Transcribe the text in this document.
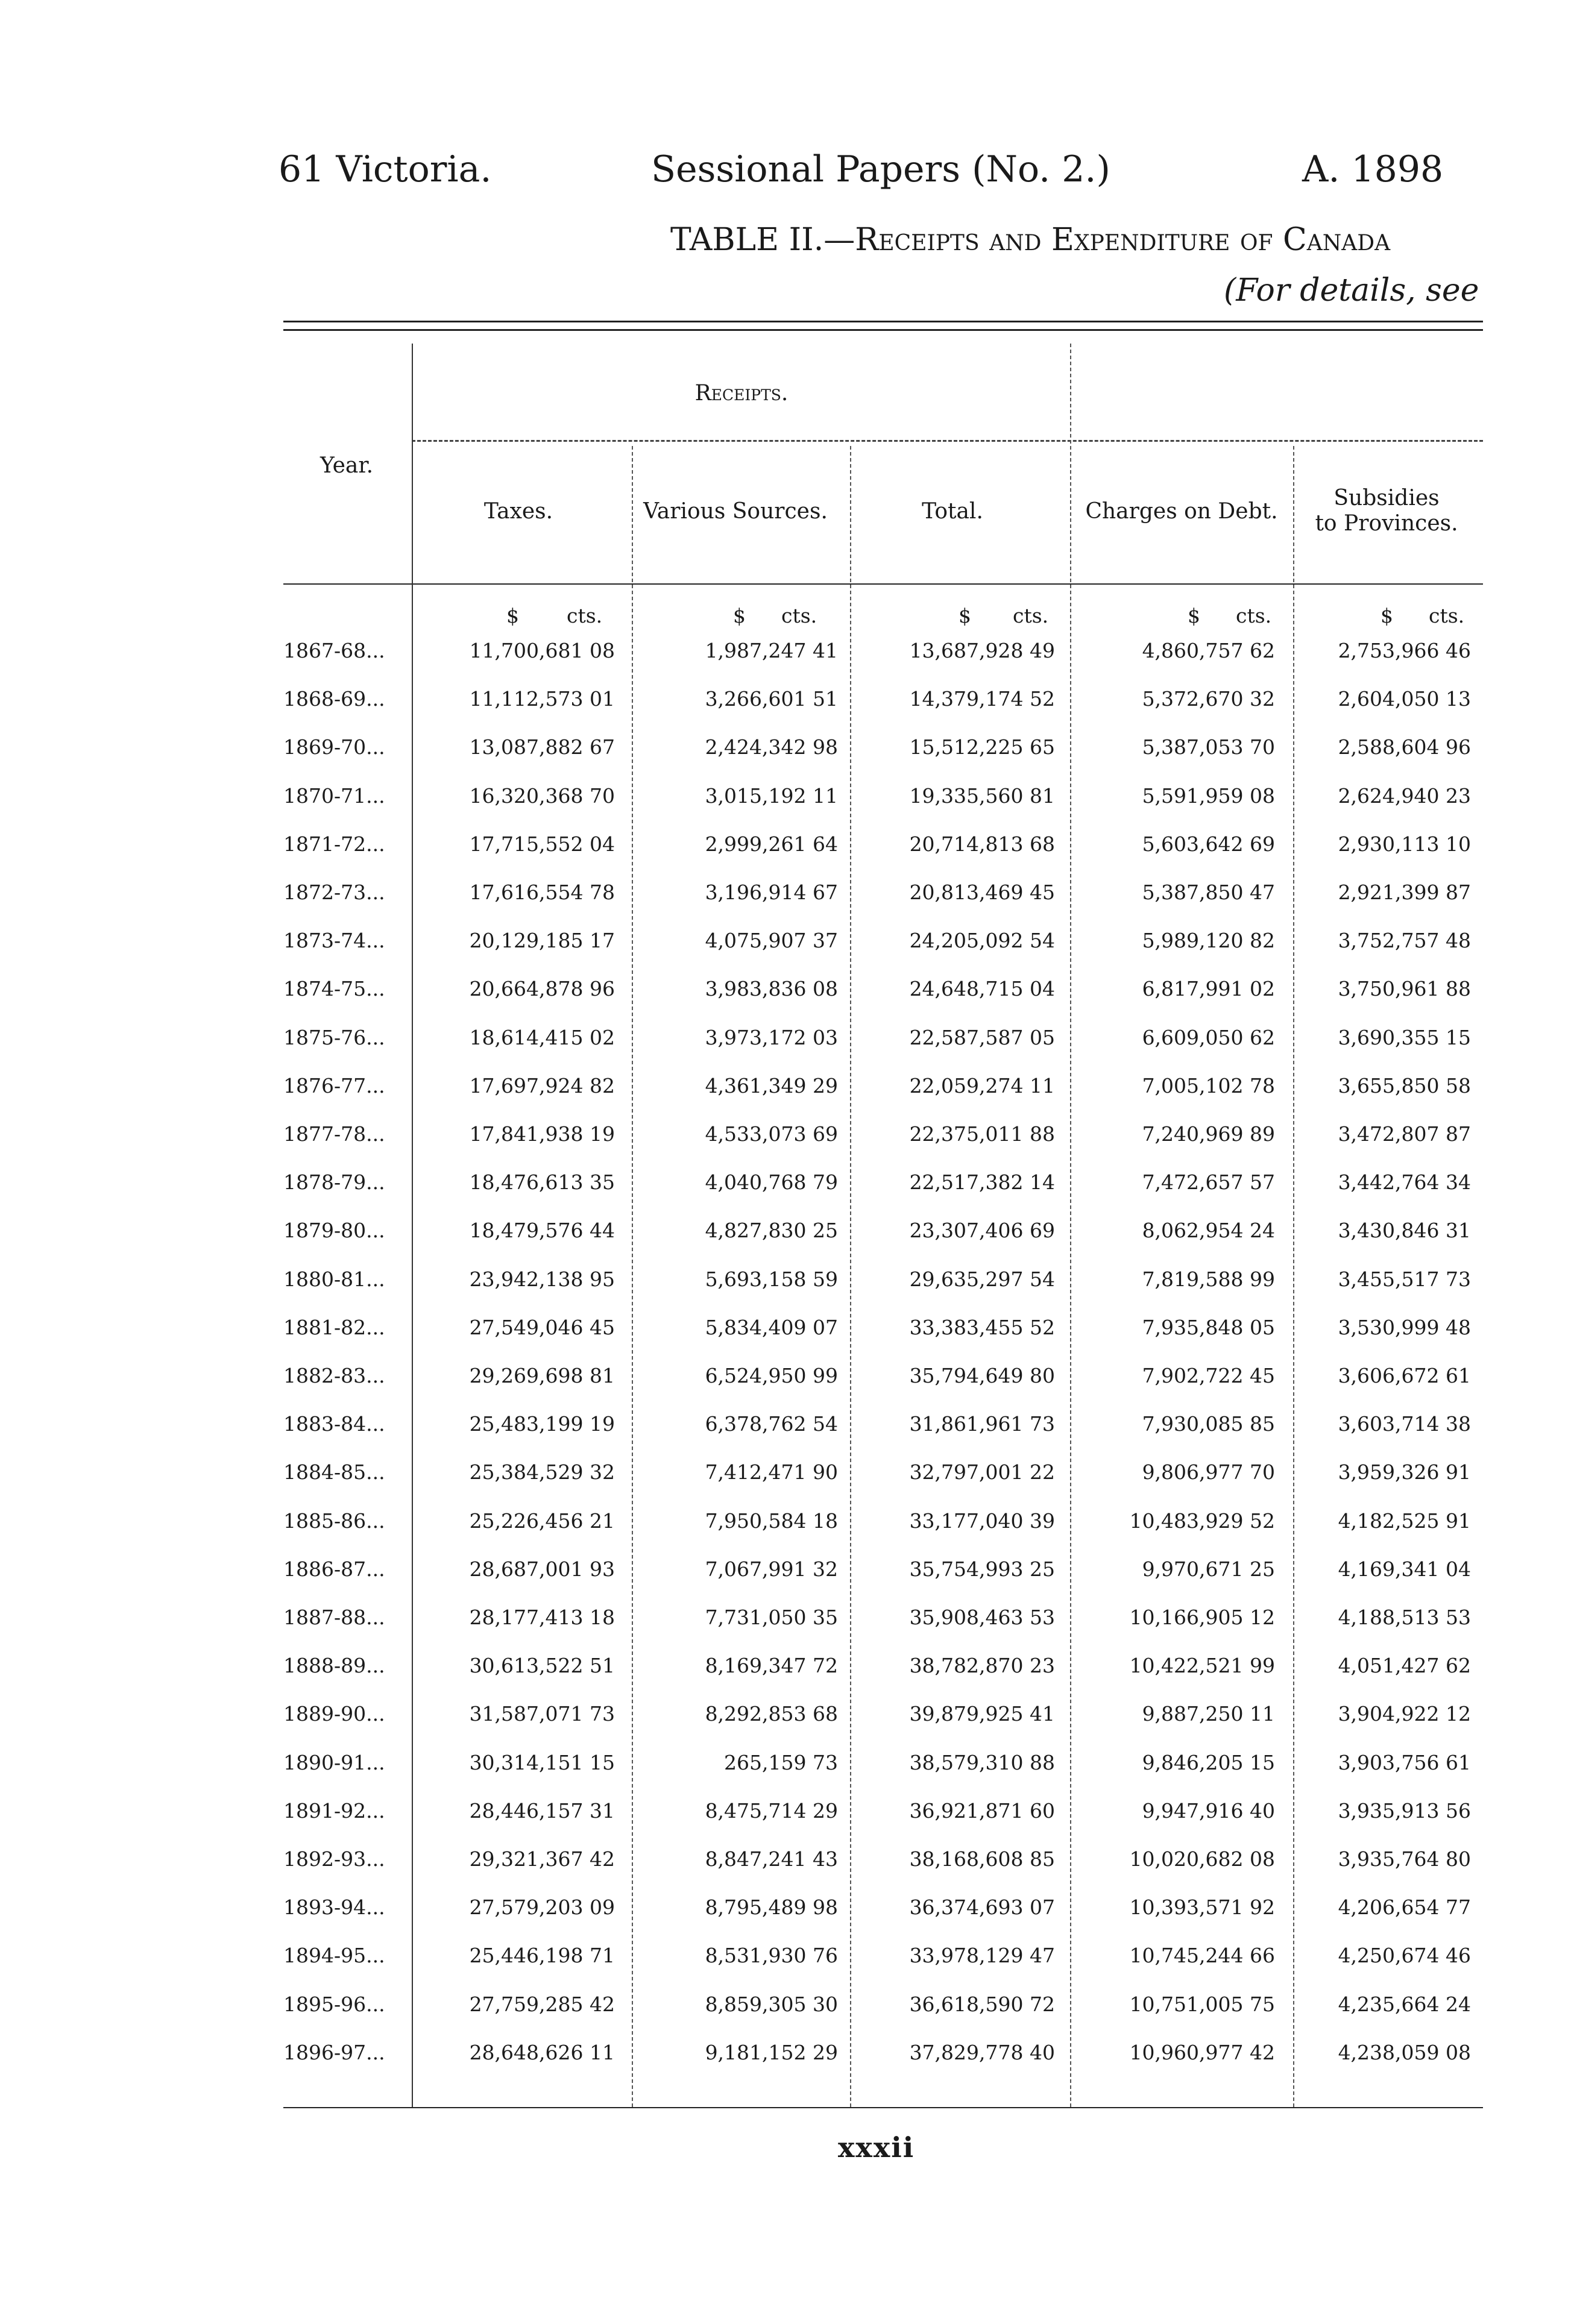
61 Victoria.	Sessional Papers (No. 2.)	A. 1898
TABLE II.—Receipts and Expenditure of Canada
(For details, see
Year.
Receipts.
Taxes.	Various Sources.	Total.	Charges on Debt.
Subsidies
to Provinces.
$ cts.	$ cts.	$ cts.	$ cts.	$ cts.
1867-68...	11,700,681 08	1,987,247 41	13,687,928 49	4,860,757 62	2,753,966 46
1868-69...	11,112,573 01	3,266,601 51	14,379,174 52	5,372,670 32	2,604,050 13
1869-70...	13,087,882 67	2,424,342 98	15,512,225 65	5,387,053 70	2,588,604 96
1870-71...	16,320,368 70	3,015,192 11	19,335,560 81	5,591,959 08	2,624,940 23
1871-72...	17,715,552 04	2,999,261 64	20,714,813 68	5,603,642 69	2,930,113 10
1872-73...	17,616,554 78	3,196,914 67	20,813,469 45	5,387,850 47	2,921,399 87
1873-74...	20,129,185 17	4,075,907 37	24,205,092 54	5,989,120 82	3,752,757 48
1874-75...	20,664,878 96	3,983,836 08	24,648,715 04	6,817,991 02	3,750,961 88
1875-76...	18,614,415 02	3,973,172 03	22,587,587 05	6,609,050 62	3,690,355 15
1876-77...	17,697,924 82	4,361,349 29	22,059,274 11	7,005,102 78	3,655,850 58
1877-78...	17,841,938 19	4,533,073 69	22,375,011 88	7,240,969 89	3,472,807 87
1878-79...	18,476,613 35	4,040,768 79	22,517,382 14	7,472,657 57	3,442,764 34
1879-80...	18,479,576 44	4,827,830 25	23,307,406 69	8,062,954 24	3,430,846 31
1880-81...	23,942,138 95	5,693,158 59	29,635,297 54	7,819,588 99	3,455,517 73
1881-82...	27,549,046 45	5,834,409 07	33,383,455 52	7,935,848 05	3,530,999 48
1882-83...	29,269,698 81	6,524,950 99	35,794,649 80	7,902,722 45	3,606,672 61
1883-84...	25,483,199 19	6,378,762 54	31,861,961 73	7,930,085 85	3,603,714 38
1884-85...	25,384,529 32	7,412,471 90	32,797,001 22	9,806,977 70	3,959,326 91
1885-86...	25,226,456 21	7,950,584 18	33,177,040 39	10,483,929 52	4,182,525 91
1886-87...	28,687,001 93	7,067,991 32	35,754,993 25	9,970,671 25	4,169,341 04
1887-88...	28,177,413 18	7,731,050 35	35,908,463 53	10,166,905 12	4,188,513 53
1888-89...	30,613,522 51	8,169,347 72	38,782,870 23	10,422,521 99	4,051,427 62
1889-90...	31,587,071 73	8,292,853 68	39,879,925 41	9,887,250 11	3,904,922 12
1890-91...	30,314,151 15	265,159 73	38,579,310 88	9,846,205 15	3,903,756 61
1891-92...	28,446,157 31	8,475,714 29	36,921,871 60	9,947,916 40	3,935,913 56
1892-93...	29,321,367 42	8,847,241 43	38,168,608 85	10,020,682 08	3,935,764 80
1893-94...	27,579,203 09	8,795,489 98	36,374,693 07	10,393,571 92	4,206,654 77
1894-95...	25,446,198 71	8,531,930 76	33,978,129 47	10,745,244 66	4,250,674 46
1895-96...	27,759,285 42	8,859,305 30	36,618,590 72	10,751,005 75	4,235,664 24
1896-97...	28,648,626 11	9,181,152 29	37,829,778 40	10,960,977 42	4,238,059 08
xxxii
